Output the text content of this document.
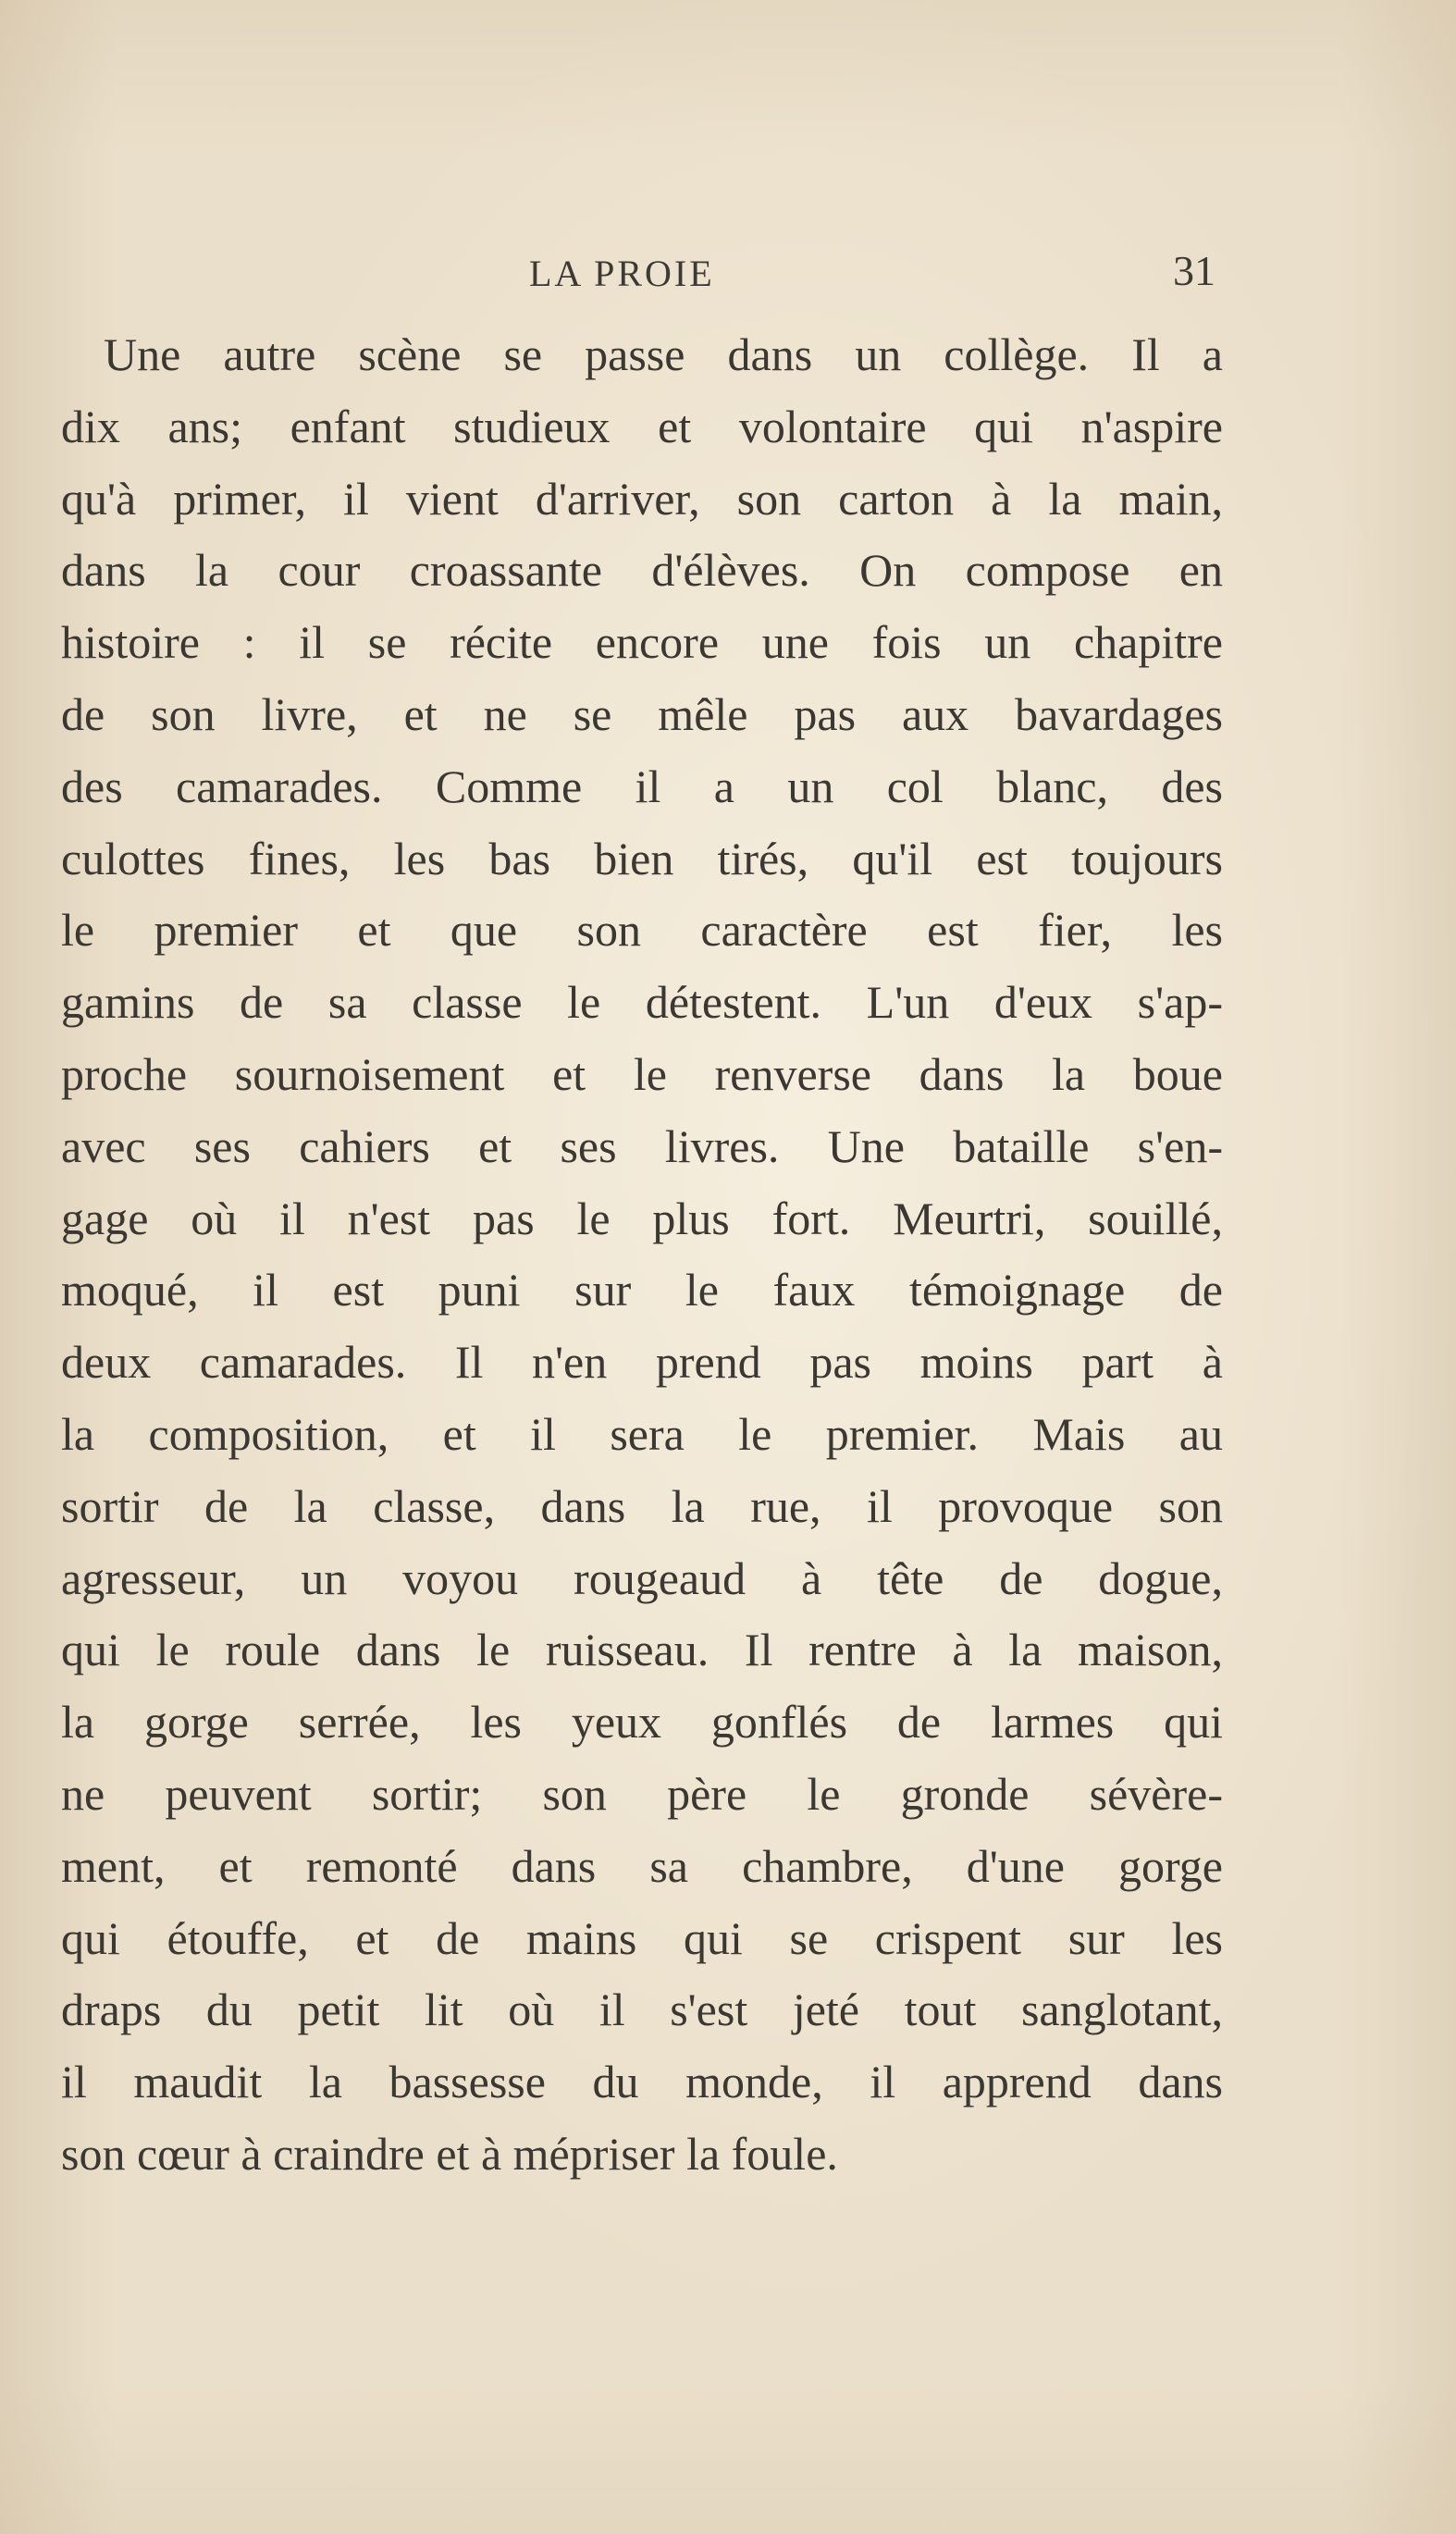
LA PROIE	31
Une autre scène se passe dans un collège. Il a
dix ans; enfant studieux et volontaire qui n'aspire
qu'à primer, il vient d'arriver, son carton à la main,
dans la cour croassante d'élèves. On compose en
histoire : il se récite encore une fois un chapitre
de son livre, et ne se mêle pas aux bavardages
des camarades. Comme il a un col blanc, des
culottes fines, les bas bien tirés, qu'il est toujours
le premier et que son caractère est fier, les
gamins de sa classe le détestent. L'un d'eux s'ap-
proche sournoisement et le renverse dans la boue
avec ses cahiers et ses livres. Une bataille s'en-
gage où il n'est pas le plus fort. Meurtri, souillé,
moqué, il est puni sur le faux témoignage de
deux camarades. Il n'en prend pas moins part à
la composition, et il sera le premier. Mais au
sortir de la classe, dans la rue, il provoque son
agresseur, un voyou rougeaud à tête de dogue,
qui le roule dans le ruisseau. Il rentre à la maison,
la gorge serrée, les yeux gonflés de larmes qui
ne peuvent sortir; son père le gronde sévère-
ment, et remonté dans sa chambre, d'une gorge
qui étouffe, et de mains qui se crispent sur les
draps du petit lit où il s'est jeté tout sanglotant,
il maudit la bassesse du monde, il apprend dans
son cœur à craindre et à mépriser la foule.
